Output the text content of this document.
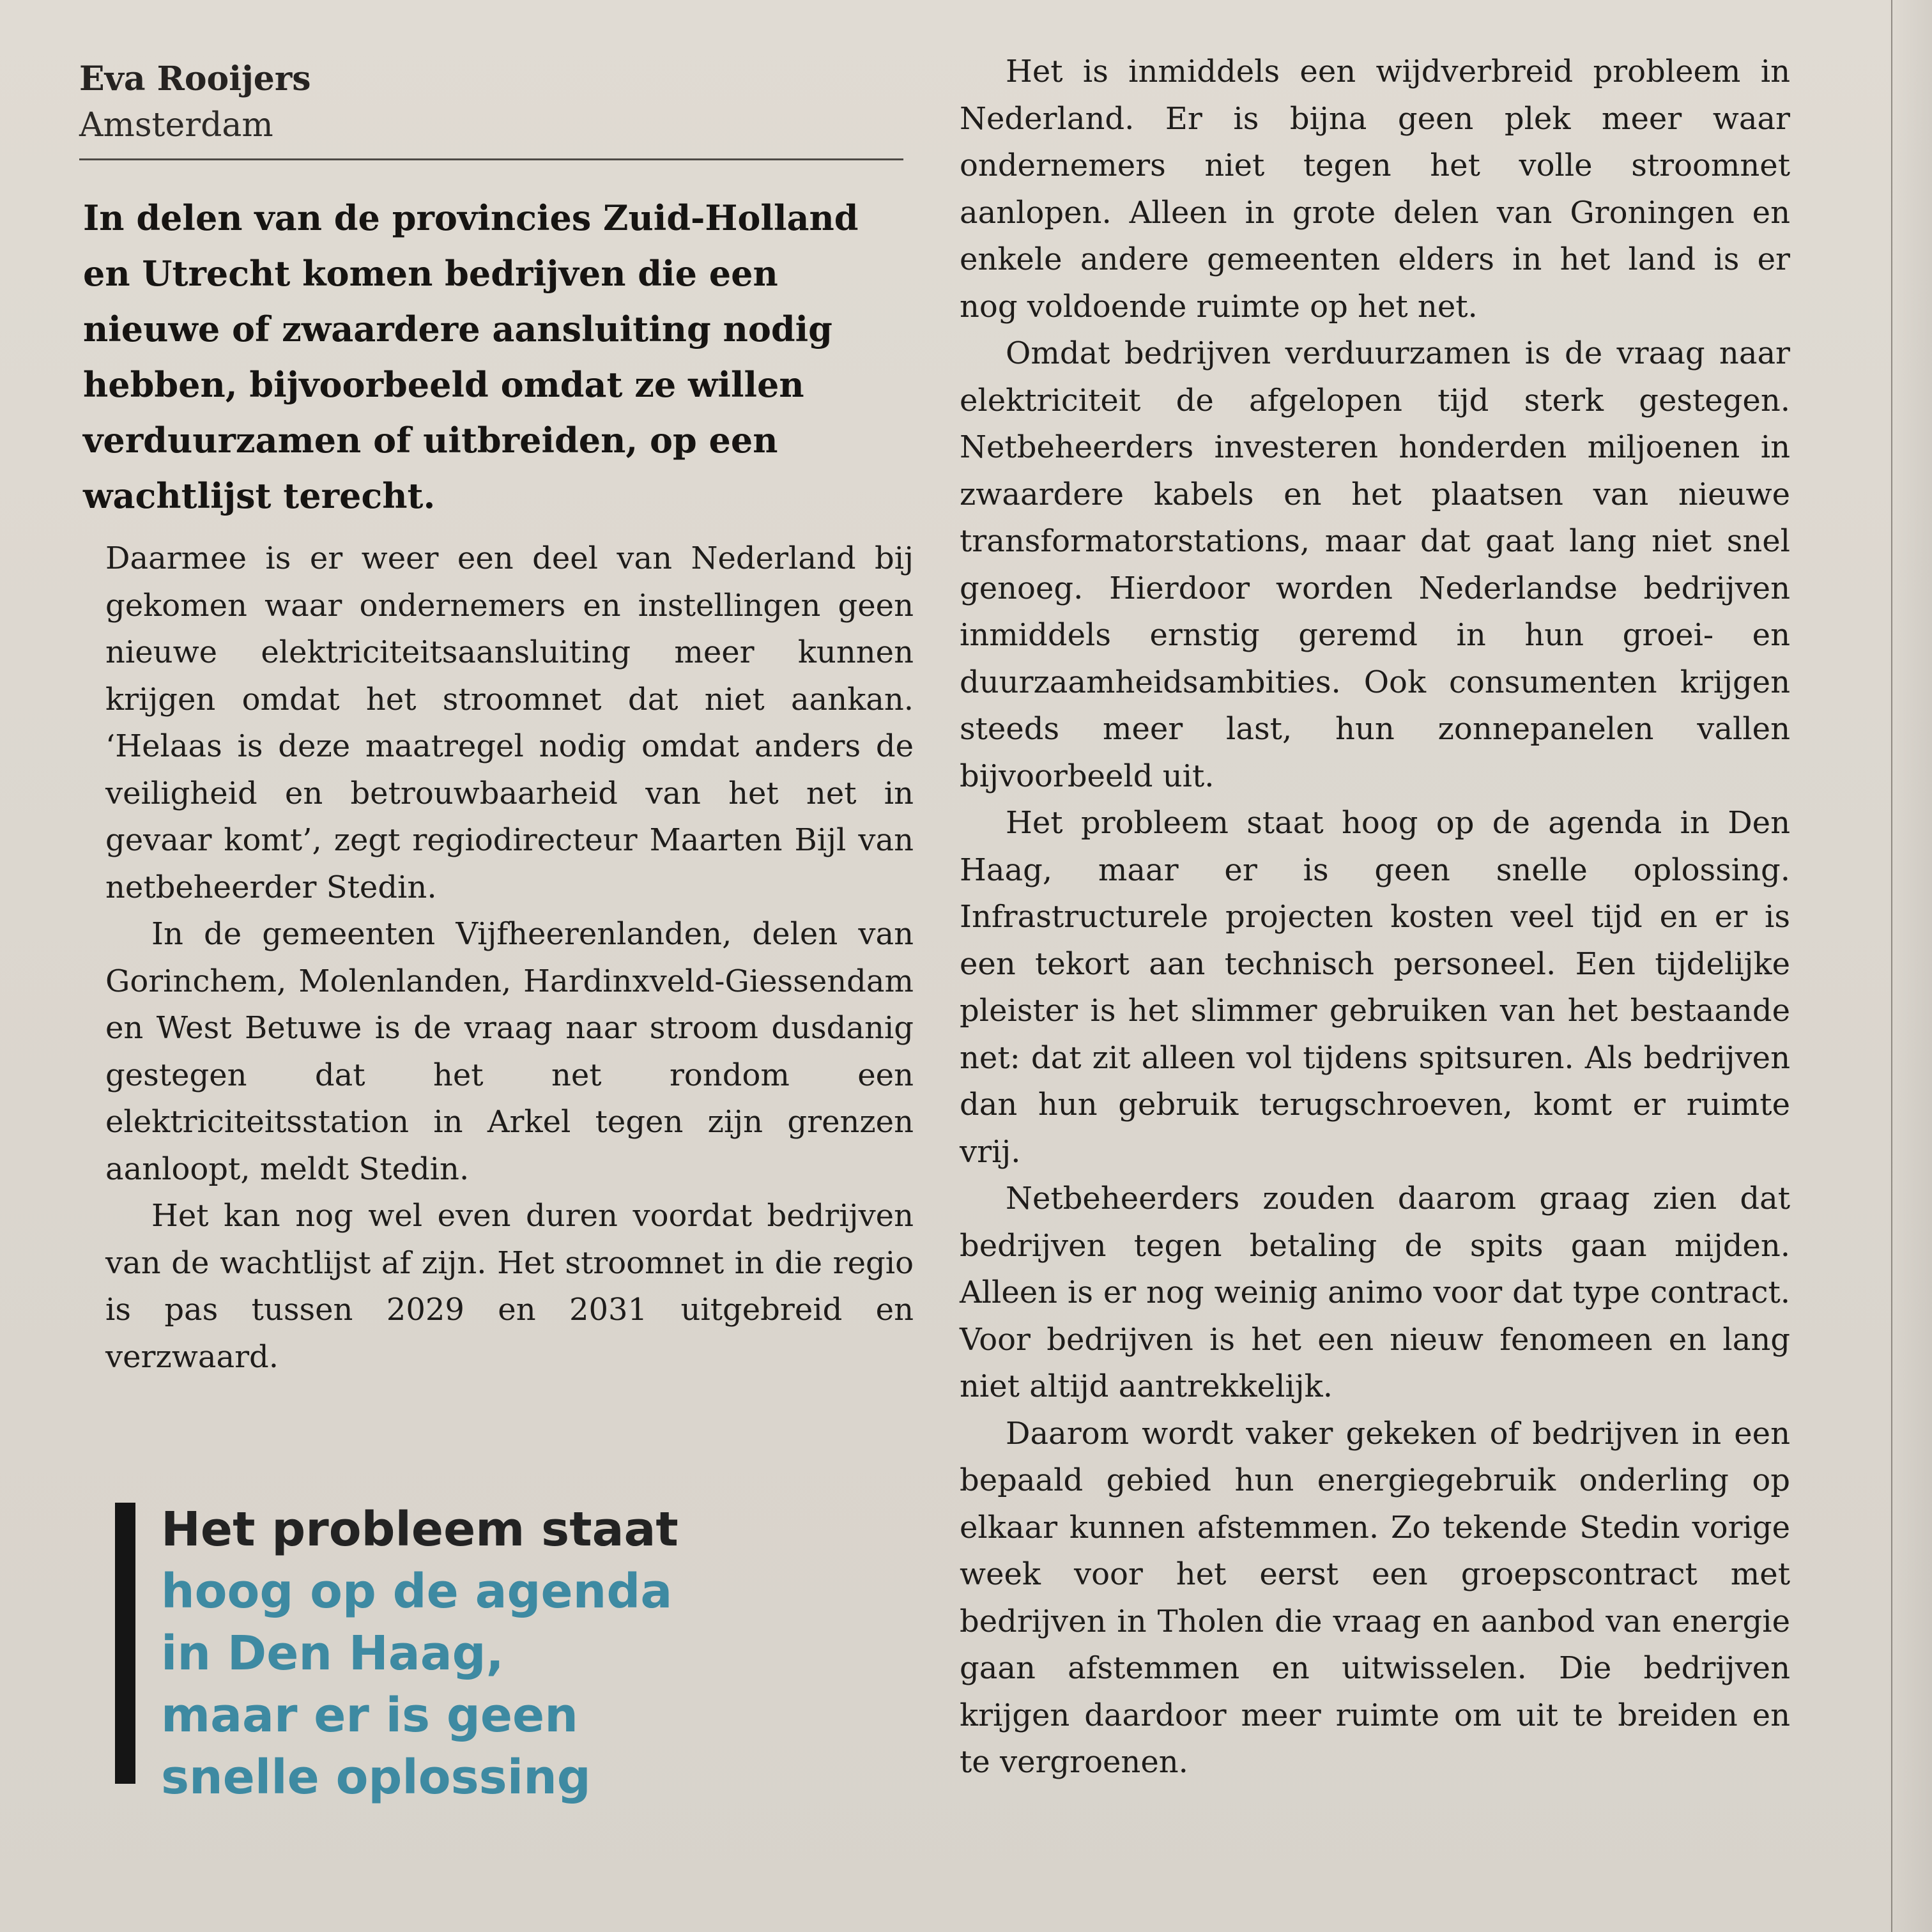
Eva Rooijers
Amsterdam
In delen van de provincies Zuid-Holland en Utrecht komen bedrijven die een nieuwe of zwaardere aansluiting nodig hebben, bijvoorbeeld omdat ze willen verduurzamen of uitbreiden, op een wachtlijst terecht.

Daarmee is er weer een deel van Nederland bij gekomen waar ondernemers en instellingen geen nieuwe elektriciteitsaansluiting meer kunnen krijgen omdat het stroomnet dat niet aankan. ‘Helaas is deze maatregel nodig omdat anders de veiligheid en betrouwbaarheid van het net in gevaar komt’, zegt regiodirecteur Maarten Bijl van netbeheerder Stedin.

In de gemeenten Vijfheerenlanden, delen van Gorinchem, Molenlanden, Hardinxveld-Giessendam en West Betuwe is de vraag naar stroom dusdanig gestegen dat het net rondom een elektriciteitsstation in Arkel tegen zijn grenzen aanloopt, meldt Stedin.

Het kan nog wel even duren voordat bedrijven van de wachtlijst af zijn. Het stroomnet in die regio is pas tussen 2029 en 2031 uitgebreid en verzwaard.

Het is inmiddels een wijdverbreid probleem in Nederland. Er is bijna geen plek meer waar ondernemers niet tegen het volle stroomnet aanlopen. Alleen in grote delen van Groningen en enkele andere gemeenten elders in het land is er nog voldoende ruimte op het net.

Omdat bedrijven verduurzamen is de vraag naar elektriciteit de afgelopen tijd sterk gestegen. Netbeheerders investeren honderden miljoenen in zwaardere kabels en het plaatsen van nieuwe transformatorstations, maar dat gaat lang niet snel genoeg. Hierdoor worden Nederlandse bedrijven inmiddels ernstig geremd in hun groei- en duurzaamheidsambities. Ook consumenten krijgen steeds meer last, hun zonnepanelen vallen bijvoorbeeld uit.

Het probleem staat hoog op de agenda in Den Haag, maar er is geen snelle oplossing. Infrastructurele projecten kosten veel tijd en er is een tekort aan technisch personeel. Een tijdelijke pleister is het slimmer gebruiken van het bestaande net: dat zit alleen vol tijdens spitsuren. Als bedrijven dan hun gebruik terugschroeven, komt er ruimte vrij.

Netbeheerders zouden daarom graag zien dat bedrijven tegen betaling de spits gaan mijden. Alleen is er nog weinig animo voor dat type contract. Voor bedrijven is het een nieuw fenomeen en lang niet altijd aantrekkelijk.

Daarom wordt vaker gekeken of bedrijven in een bepaald gebied hun energiegebruik onderling op elkaar kunnen afstemmen. Zo tekende Stedin vorige week voor het eerst een groepscontract met bedrijven in Tholen die vraag en aanbod van energie gaan afstemmen en uitwisselen. Die bedrijven krijgen daardoor meer ruimte om uit te breiden en te vergroenen.

Het probleem staat
hoog op de agenda
in Den Haag,
maar er is geen
snelle oplossing
